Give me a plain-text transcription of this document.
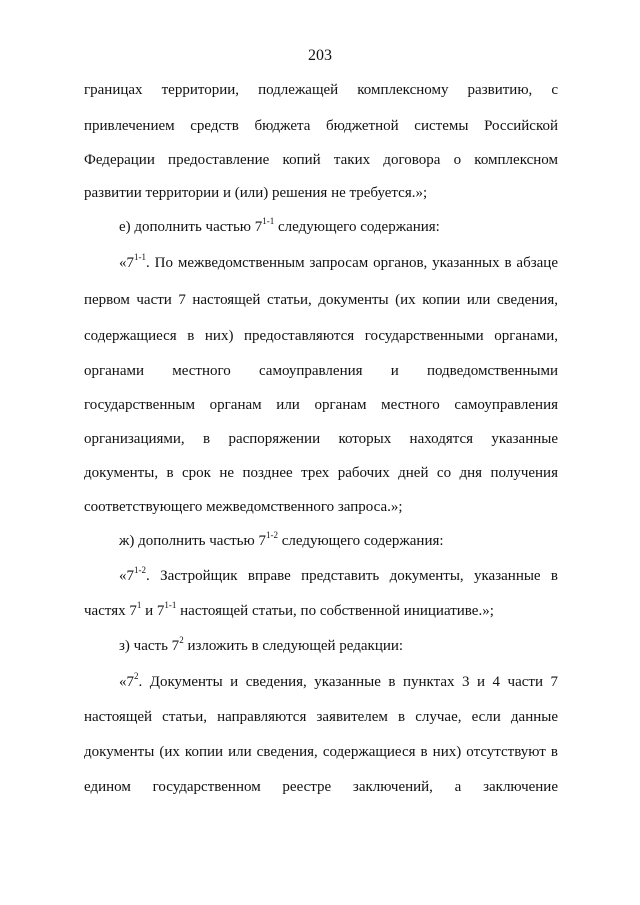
203
границах территории, подлежащей комплексному развитию, с
привлечением средств бюджета бюджетной системы Российской
Федерации предоставление копий таких договора о комплексном
развитии территории и (или) решения не требуется.»;
е) дополнить частью 7$^{1-1}$ следующего содержания:
«7$^{1-1}$. По межведомственным запросам органов, указанных в абзаце
первом части 7 настоящей статьи, документы (их копии или сведения,
содержащиеся в них) предоставляются государственными органами,
органами местного самоуправления и подведомственными
государственным органам или органам местного самоуправления
организациями, в распоряжении которых находятся указанные
документы, в срок не позднее трех рабочих дней со дня получения
соответствующего межведомственного запроса.»;
ж) дополнить частью 7$^{1-2}$ следующего содержания:
«7$^{1-2}$. Застройщик вправе представить документы, указанные в
частях $7^1$ и 7$^{1-1}$ настоящей статьи, по собственной инициативе.»;
з) часть $7^2$ изложить в следующей редакции:
«$7^2$. Документы и сведения, указанные в пунктах 3 и 4 части 7
настоящей статьи, направляются заявителем в случае, если данные
документы (их копии или сведения, содержащиеся в них) отсутствуют в
едином государственном реестре заключений, а заключение
